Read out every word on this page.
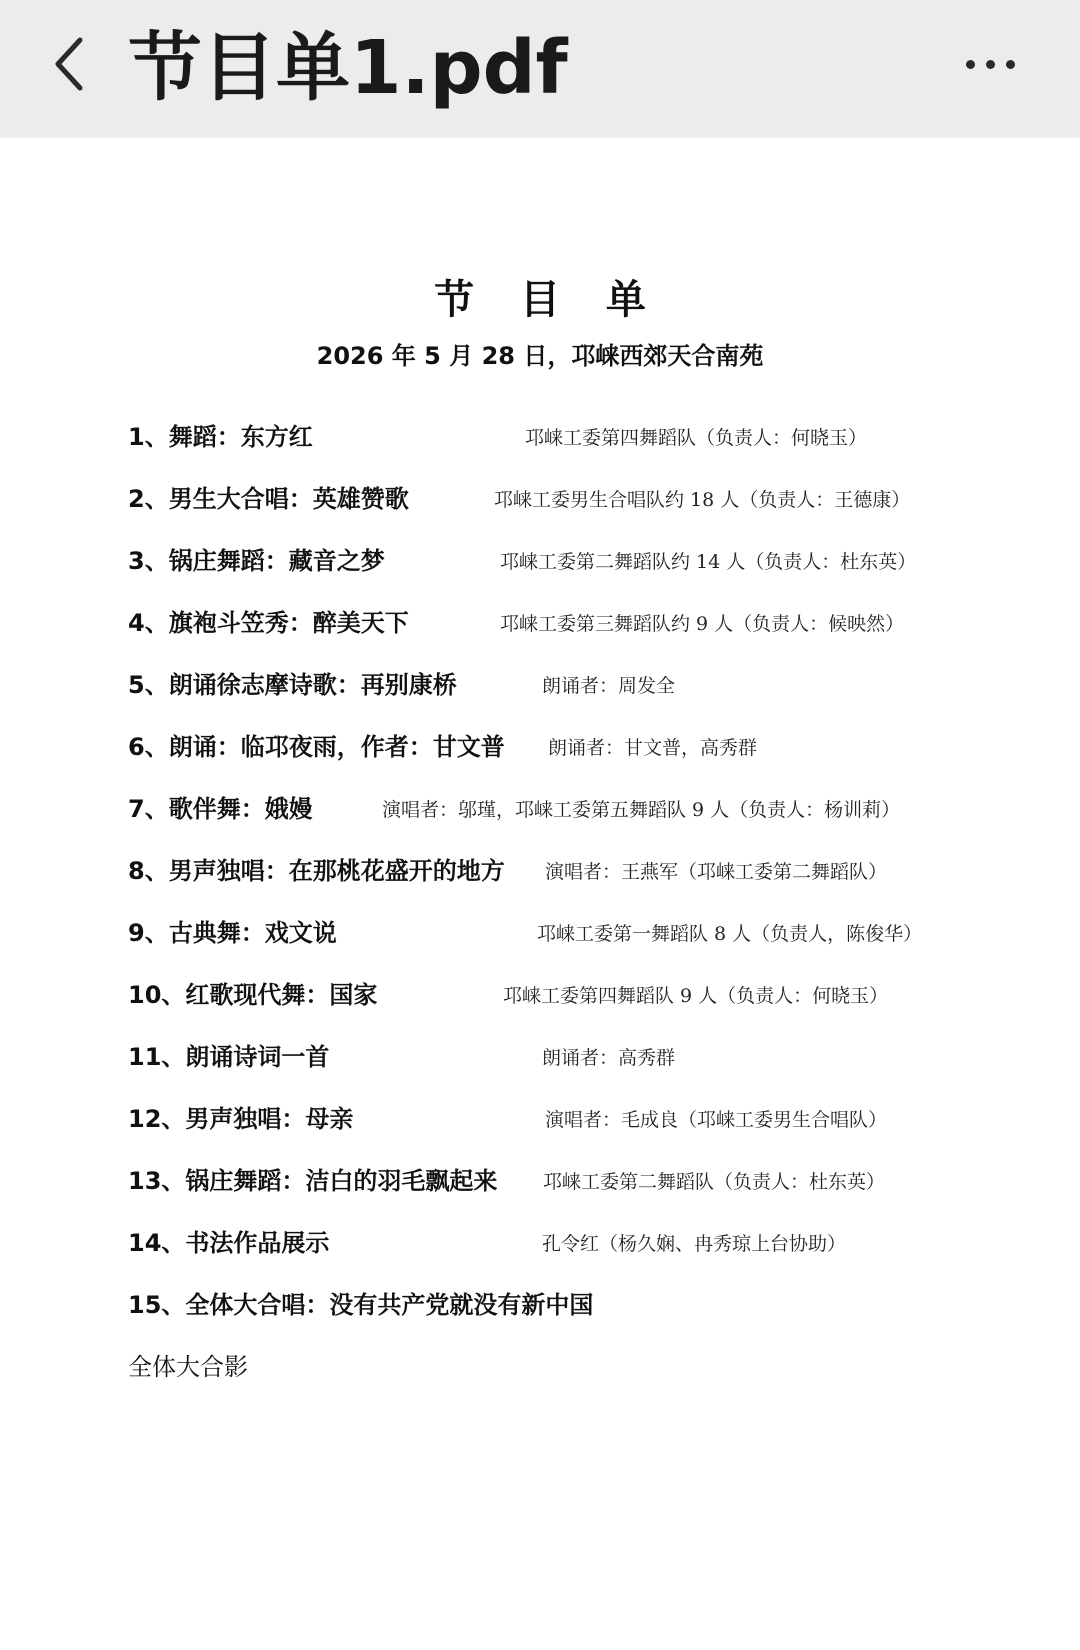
节目单1.pdf
节 目 单
2026 年 5 月 28 日，邛崃西郊天合南苑
1、舞蹈：东方红	邛崃工委第四舞蹈队（负责人：何晓玉）
2、男生大合唱：英雄赞歌	邛崃工委男生合唱队约 18 人（负责人：王德康）
3、锅庄舞蹈：藏音之梦	邛崃工委第二舞蹈队约 14 人（负责人：杜东英）
4、旗袍斗笠秀：醉美天下	邛崃工委第三舞蹈队约 9 人（负责人：候映然）
5、朗诵徐志摩诗歌：再别康桥	朗诵者：周发全
6、朗诵：临邛夜雨，作者：甘文普 朗诵者：甘文普，高秀群
7、歌伴舞：娥嫚	演唱者：邬瑾，邛崃工委第五舞蹈队 9 人（负责人：杨训莉）
8、男声独唱：在那桃花盛开的地方 演唱者：王燕军（邛崃工委第二舞蹈队）
9、古典舞：戏文说	邛崃工委第一舞蹈队 8 人（负责人，陈俊华）
10、红歌现代舞：国家	邛崃工委第四舞蹈队 9 人（负责人：何晓玉）
11、朗诵诗词一首	朗诵者：高秀群
12、男声独唱：母亲	演唱者：毛成良（邛崃工委男生合唱队）
13、锅庄舞蹈：洁白的羽毛飘起来 邛崃工委第二舞蹈队（负责人：杜东英）
14、书法作品展示	孔令红（杨久娴、冉秀琼上台协助）
15、全体大合唱：没有共产党就没有新中国
全体大合影
